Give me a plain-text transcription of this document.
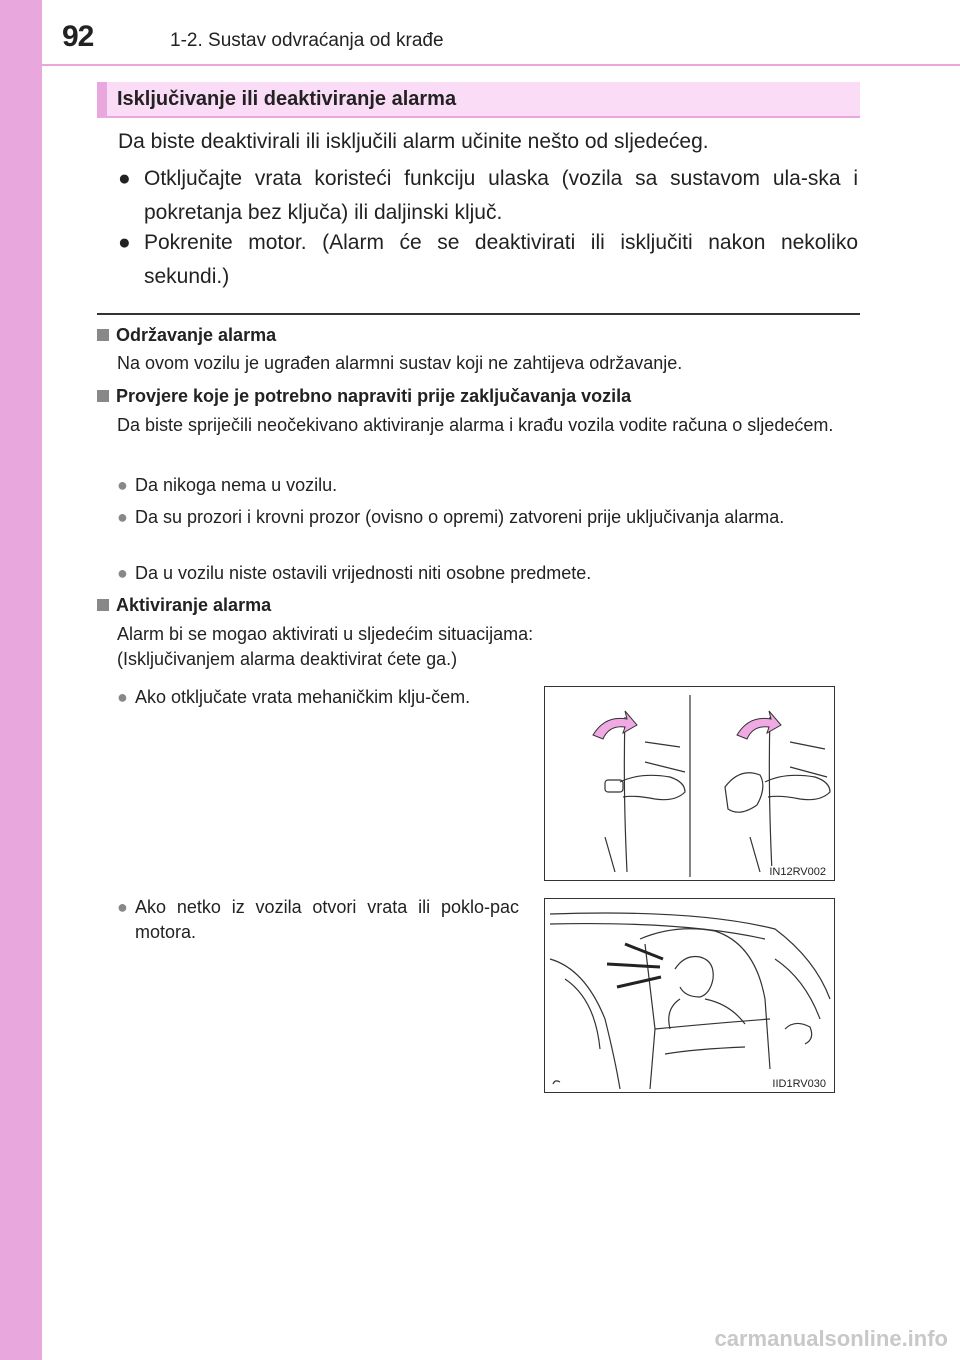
92	1-2. Sustav odvraćanja od krađe
Isključivanje ili deaktiviranje alarma
Da biste deaktivirali ili isključili alarm učinite nešto od sljedećeg.
● Otključajte vrata koristeći funkciju ulaska (vozila sa sustavom ula-ska i pokretanja bez ključa) ili daljinski ključ.
● Pokrenite motor. (Alarm će se deaktivirati ili isključiti nakon nekoliko sekundi.)
Održavanje alarma
Na ovom vozilu je ugrađen alarmni sustav koji ne zahtijeva održavanje.
Provjere koje je potrebno napraviti prije zaključavanja vozila
Da biste spriječili neočekivano aktiviranje alarma i krađu vozila vodite računa o sljedećem.
● Da nikoga nema u vozilu.
● Da su prozori i krovni prozor (ovisno o opremi) zatvoreni prije uključivanja alarma.
● Da u vozilu niste ostavili vrijednosti niti osobne predmete.
Aktiviranje alarma
Alarm bi se mogao aktivirati u sljedećim situacijama:
(Isključivanjem alarma deaktivirat ćete ga.)
● Ako otključate vrata mehaničkim klju-čem.
● Ako netko iz vozila otvori vrata ili poklo-pac motora.
IN12RV002
IID1RV030
carmanualsonline.info
